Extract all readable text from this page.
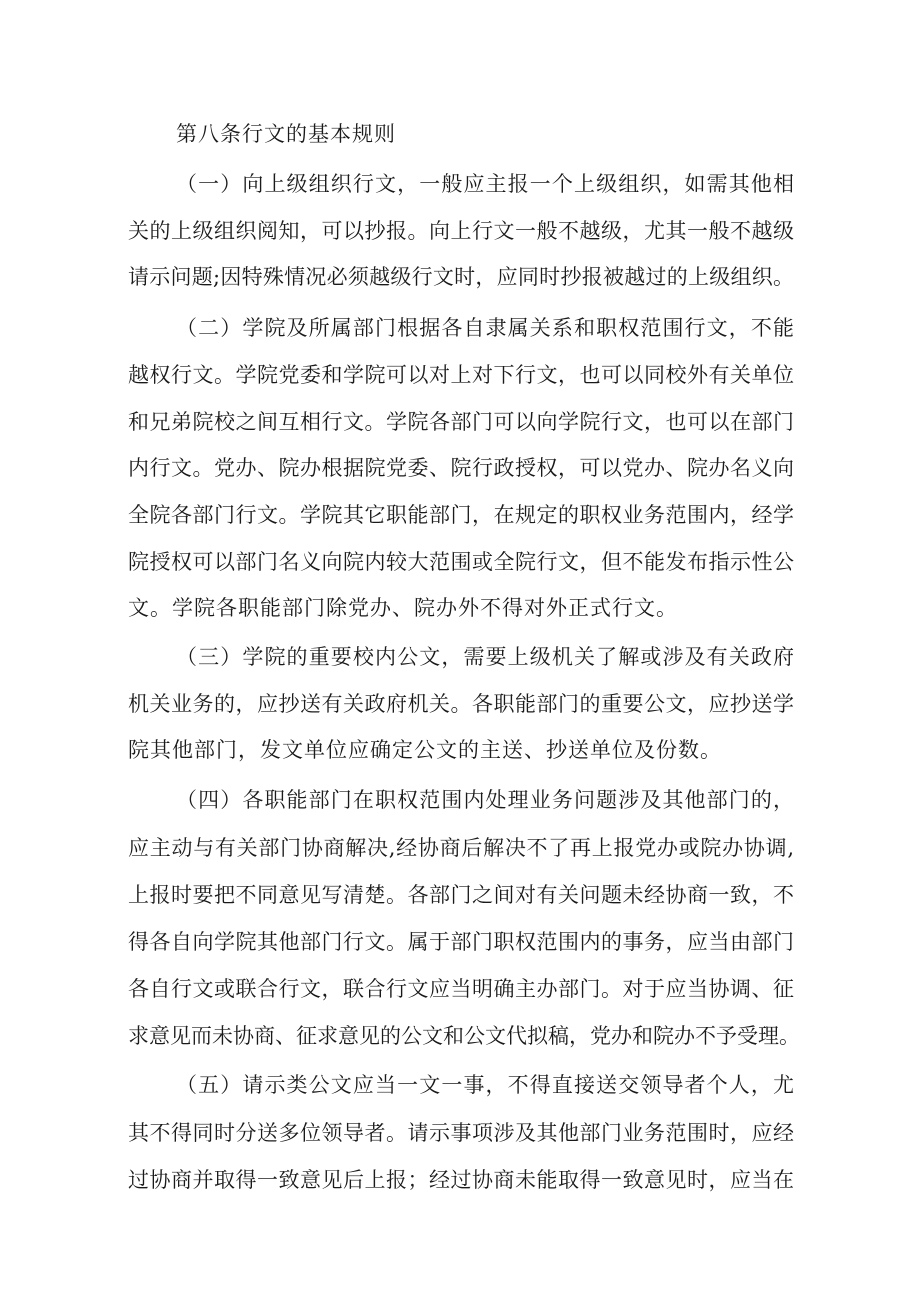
第八条行文的基本规则
（一）向上级组织行文，一般应主报一个上级组织，如需其他相
关的上级组织阅知，可以抄报。向上行文一般不越级，尤其一般不越级
请示问题;因特殊情况必须越级行文时，应同时抄报被越过的上级组织。
（二）学院及所属部门根据各自隶属关系和职权范围行文，不能
越权行文。学院党委和学院可以对上对下行文，也可以同校外有关单位
和兄弟院校之间互相行文。学院各部门可以向学院行文，也可以在部门
内行文。党办、院办根据院党委、院行政授权，可以党办、院办名义向
全院各部门行文。学院其它职能部门，在规定的职权业务范围内，经学
院授权可以部门名义向院内较大范围或全院行文，但不能发布指示性公
文。学院各职能部门除党办、院办外不得对外正式行文。
（三）学院的重要校内公文，需要上级机关了解或涉及有关政府
机关业务的，应抄送有关政府机关。各职能部门的重要公文，应抄送学
院其他部门，发文单位应确定公文的主送、抄送单位及份数。
（四）各职能部门在职权范围内处理业务问题涉及其他部门的，
应主动与有关部门协商解决,经协商后解决不了再上报党办或院办协调,
上报时要把不同意见写清楚。各部门之间对有关问题未经协商一致，不
得各自向学院其他部门行文。属于部门职权范围内的事务，应当由部门
各自行文或联合行文，联合行文应当明确主办部门。对于应当协调、征
求意见而未协商、征求意见的公文和公文代拟稿，党办和院办不予受理。
（五）请示类公文应当一文一事，不得直接送交领导者个人，尤
其不得同时分送多位领导者。请示事项涉及其他部门业务范围时，应经
过协商并取得一致意见后上报；经过协商未能取得一致意见时，应当在
